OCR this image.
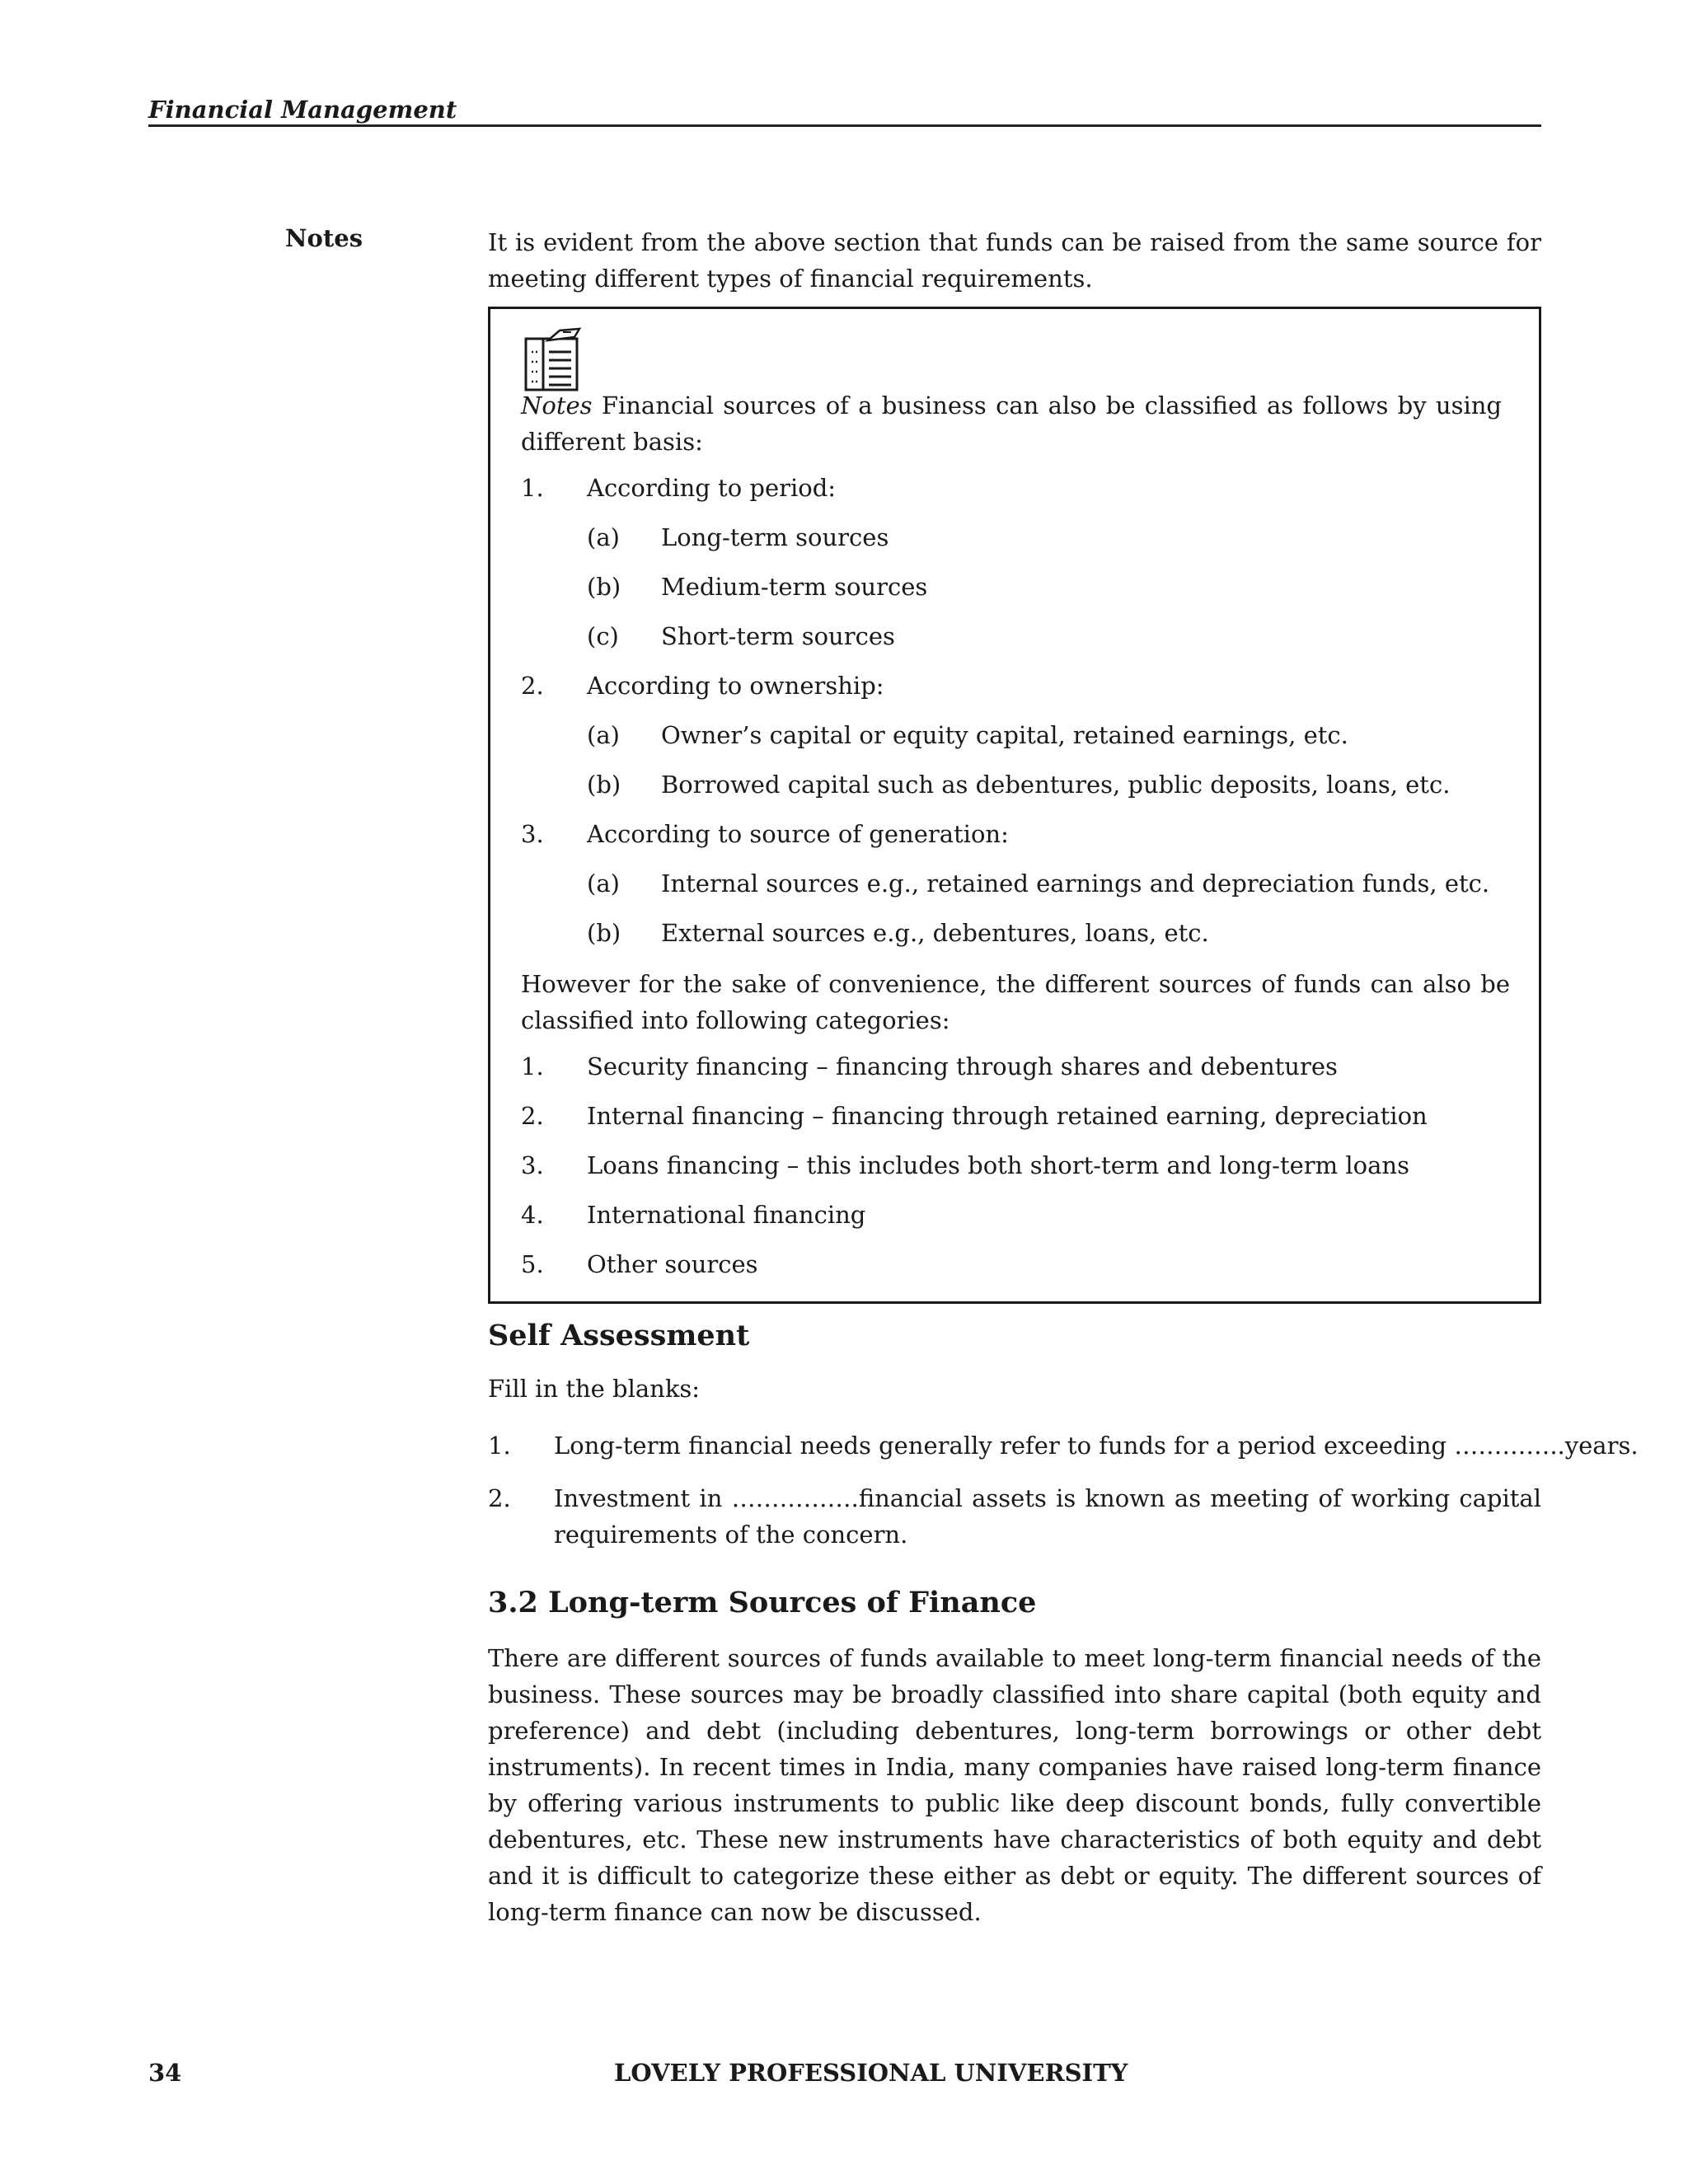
Financial Management
Notes	It is evident from the above section that funds can be raised from the same source for meeting different types of financial requirements.
Notes Financial sources of a business can also be classified as follows by using different basis:
1. According to period:
(a) Long-term sources
(b) Medium-term sources
(c) Short-term sources
2. According to ownership:
(a) Owner’s capital or equity capital, retained earnings, etc.
(b) Borrowed capital such as debentures, public deposits, loans, etc.
3. According to source of generation:
(a) Internal sources e.g., retained earnings and depreciation funds, etc.
(b) External sources e.g., debentures, loans, etc.
However for the sake of convenience, the different sources of funds can also be classified into following categories:
1. Security financing – financing through shares and debentures
2. Internal financing – financing through retained earning, depreciation
3. Loans financing – this includes both short-term and long-term loans
4. International financing
5. Other sources
Self Assessment
Fill in the blanks:
1. Long-term financial needs generally refer to funds for a period exceeding …………..years.
2. Investment in …………….financial assets is known as meeting of working capital requirements of the concern.
3.2 Long-term Sources of Finance
There are different sources of funds available to meet long-term financial needs of the business. These sources may be broadly classified into share capital (both equity and preference) and debt (including debentures, long-term borrowings or other debt instruments). In recent times in India, many companies have raised long-term finance by offering various instruments to public like deep discount bonds, fully convertible debentures, etc. These new instruments have characteristics of both equity and debt and it is difficult to categorize these either as debt or equity. The different sources of long-term finance can now be discussed.
34	LOVELY PROFESSIONAL UNIVERSITY
